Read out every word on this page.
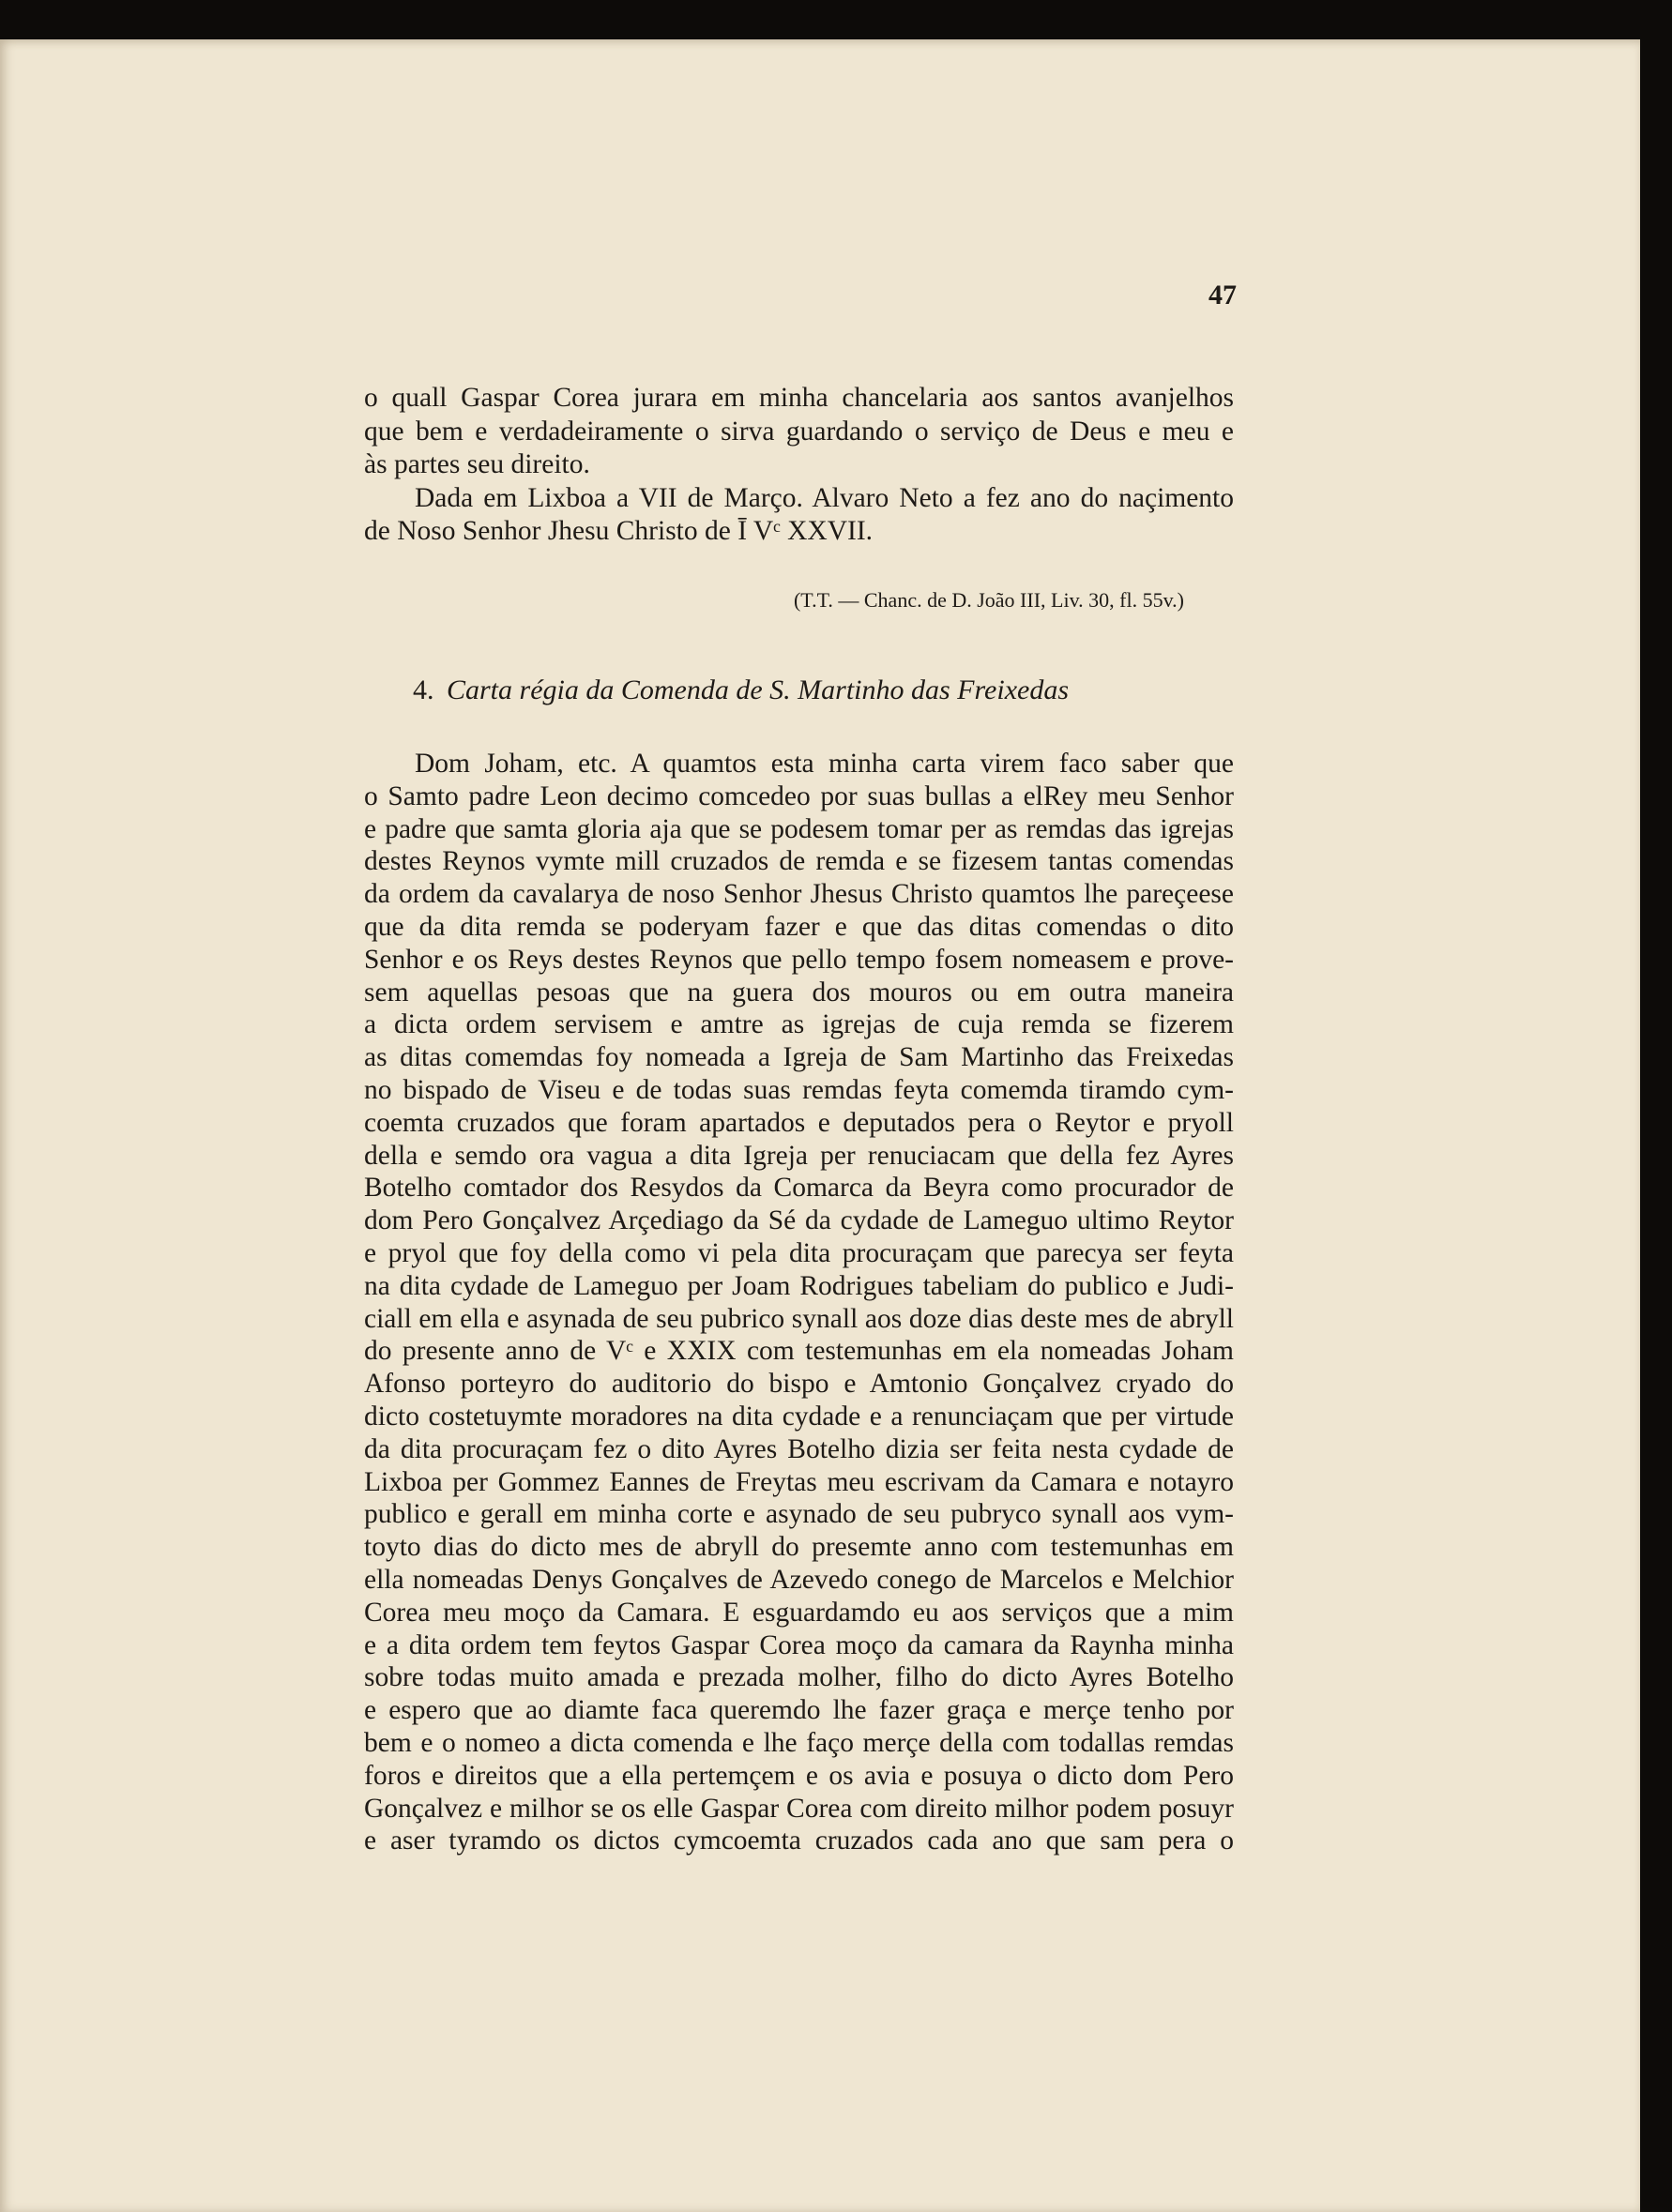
47
o quall Gaspar Corea jurara em minha chancelaria aos santos avanjelhos
que bem e verdadeiramente o sirva guardando o serviço de Deus e meu e
às partes seu direito.
Dada em Lixboa a VII de Março. Alvaro Neto a fez ano do naçimento
de Noso Senhor Jhesu Christo de Ī Vᶜ XXVII.
(T.T. — Chanc. de D. João III, Liv. 30, fl. 55v.)
4. Carta régia da Comenda de S. Martinho das Freixedas
Dom Joham, etc. A quamtos esta minha carta virem faco saber que
o Samto padre Leon decimo comcedeo por suas bullas a elRey meu Senhor
e padre que samta gloria aja que se podesem tomar per as remdas das igrejas
destes Reynos vymte mill cruzados de remda e se fizesem tantas comendas
da ordem da cavalarya de noso Senhor Jhesus Christo quamtos lhe pareçeese
que da dita remda se poderyam fazer e que das ditas comendas o dito
Senhor e os Reys destes Reynos que pello tempo fosem nomeasem e prove-
sem aquellas pesoas que na guera dos mouros ou em outra maneira
a dicta ordem servisem e amtre as igrejas de cuja remda se fizerem
as ditas comemdas foy nomeada a Igreja de Sam Martinho das Freixedas
no bispado de Viseu e de todas suas remdas feyta comemda tiramdo cym-
coemta cruzados que foram apartados e deputados pera o Reytor e pryoll
della e semdo ora vagua a dita Igreja per renuciacam que della fez Ayres
Botelho comtador dos Resydos da Comarca da Beyra como procurador de
dom Pero Gonçalvez Arçediago da Sé da cydade de Lameguo ultimo Reytor
e pryol que foy della como vi pela dita procuraçam que parecya ser feyta
na dita cydade de Lameguo per Joam Rodrigues tabeliam do publico e Judi-
ciall em ella e asynada de seu pubrico synall aos doze dias deste mes de abryll
do presente anno de Vᶜ e XXIX com testemunhas em ela nomeadas Joham
Afonso porteyro do auditorio do bispo e Amtonio Gonçalvez cryado do
dicto costetuymte moradores na dita cydade e a renunciaçam que per virtude
da dita procuraçam fez o dito Ayres Botelho dizia ser feita nesta cydade de
Lixboa per Gommez Eannes de Freytas meu escrivam da Camara e notayro
publico e gerall em minha corte e asynado de seu pubryco synall aos vym-
toyto dias do dicto mes de abryll do presemte anno com testemunhas em
ella nomeadas Denys Gonçalves de Azevedo conego de Marcelos e Melchior
Corea meu moço da Camara. E esguardamdo eu aos serviços que a mim
e a dita ordem tem feytos Gaspar Corea moço da camara da Raynha minha
sobre todas muito amada e prezada molher, filho do dicto Ayres Botelho
e espero que ao diamte faca queremdo lhe fazer graça e merçe tenho por
bem e o nomeo a dicta comenda e lhe faço merçe della com todallas remdas
foros e direitos que a ella pertemçem e os avia e posuya o dicto dom Pero
Gonçalvez e milhor se os elle Gaspar Corea com direito milhor podem posuyr
e aser tyramdo os dictos cymcoemta cruzados cada ano que sam pera o
